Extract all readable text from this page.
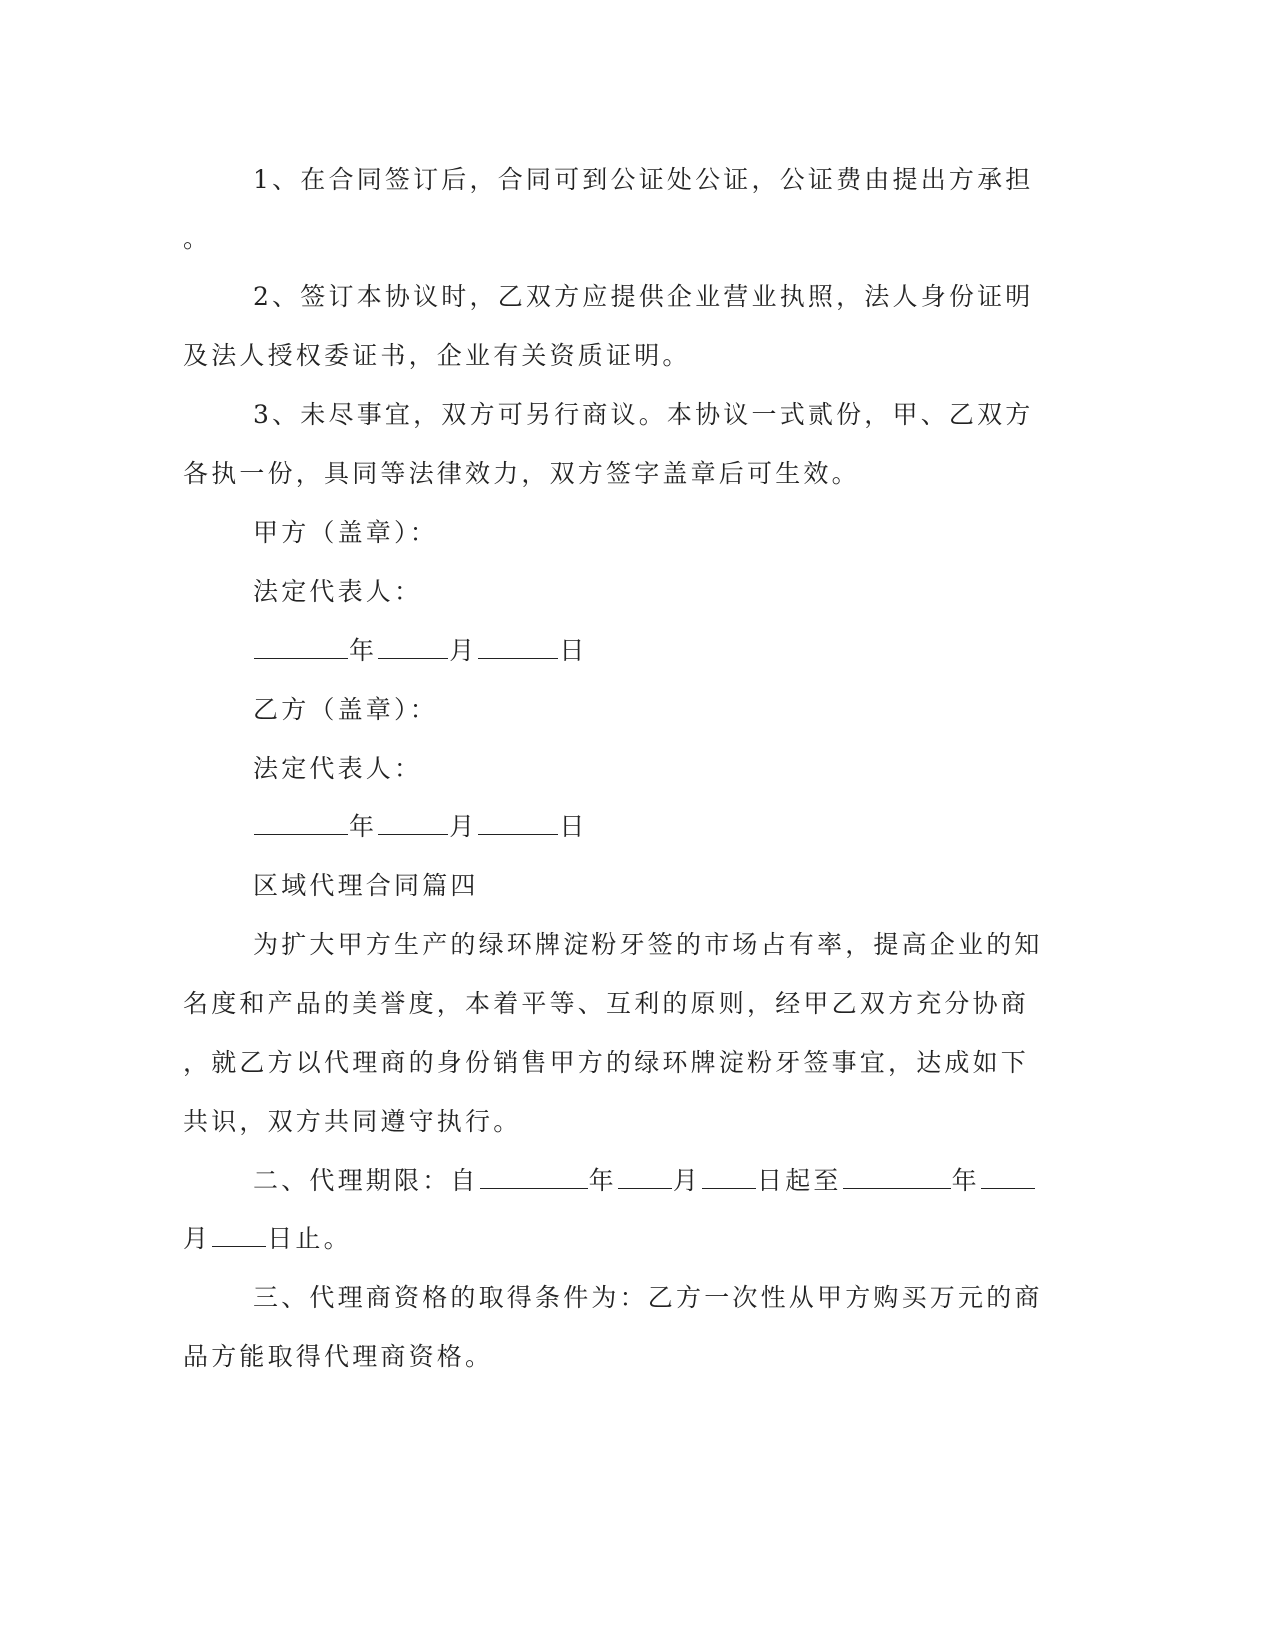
1、在合同签订后，合同可到公证处公证，公证费由提出方承担
。
2、签订本协议时，乙双方应提供企业营业执照，法人身份证明
及法人授权委证书，企业有关资质证明。
3、未尽事宜，双方可另行商议。本协议一式贰份，甲、乙双方
各执一份，具同等法律效力，双方签字盖章后可生效。
甲方（盖章）：
法定代表人：
年	月	日
乙方（盖章）：
法定代表人：
年	月	日
区域代理合同篇四
为扩大甲方生产的绿环牌淀粉牙签的市场占有率，提高企业的知
名度和产品的美誉度，本着平等、互利的原则，经甲乙双方充分协商
，就乙方以代理商的身份销售甲方的绿环牌淀粉牙签事宜，达成如下
共识，双方共同遵守执行。
二、代理期限：自	年 月 日起至	年
月 日止。
三、代理商资格的取得条件为：乙方一次性从甲方购买万元的商
品方能取得代理商资格。
